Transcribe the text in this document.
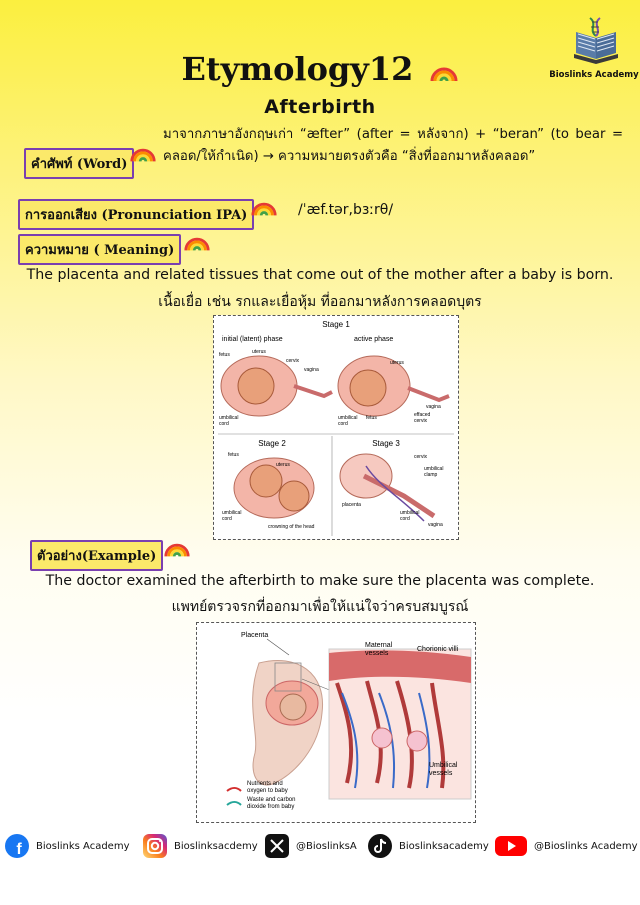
Bioslinks Academy
Etymology12
Afterbirth
คำศัพท์ (Word)
มาจากภาษาอังกฤษเก่า “æfter” (after = หลังจาก) + “beran” (to bear = คลอด/ให้กำเนิด) → ความหมายตรงตัวคือ “สิ่งที่ออกมาหลังคลอด”
การออกเสียง (Pronunciation IPA)	/ˈæf.tər,bɜːrθ/
ความหมาย ( Meaning)
The placenta and related tissues that come out of the mother after a baby is born.
เนื้อเยื่อ เช่น รกและเยื่อหุ้ม ที่ออกมาหลังการคลอดบุตร
Stage 1
initial (latent) phase	active phase
fetus	uterus
cervix
vagina
umbilical
cord
uterus
vagina
effaced
cervix
umbilical
cord
fetus
Stage 2	Stage 3
fetus
uterus
umbilical
cord
crowning of the head
cervix
umbilical
clamp
placenta
umbilical
cord
vagina
ตัวอย่าง(Example)
The doctor examined the afterbirth to make sure the placenta was complete.
แพทย์ตรวจรกที่ออกมาเพื่อให้แน่ใจว่าครบสมบูรณ์
Placenta
Maternal
vessels
Chorionic villi
Umbilical
vessels
Nutrients and
oxygen to baby
Waste and carbon
dioxide from baby
f Bioslinks Academy	Bioslinksacdemy	@BioslinksA	Bioslinksacademy	@Bioslinks Academy
